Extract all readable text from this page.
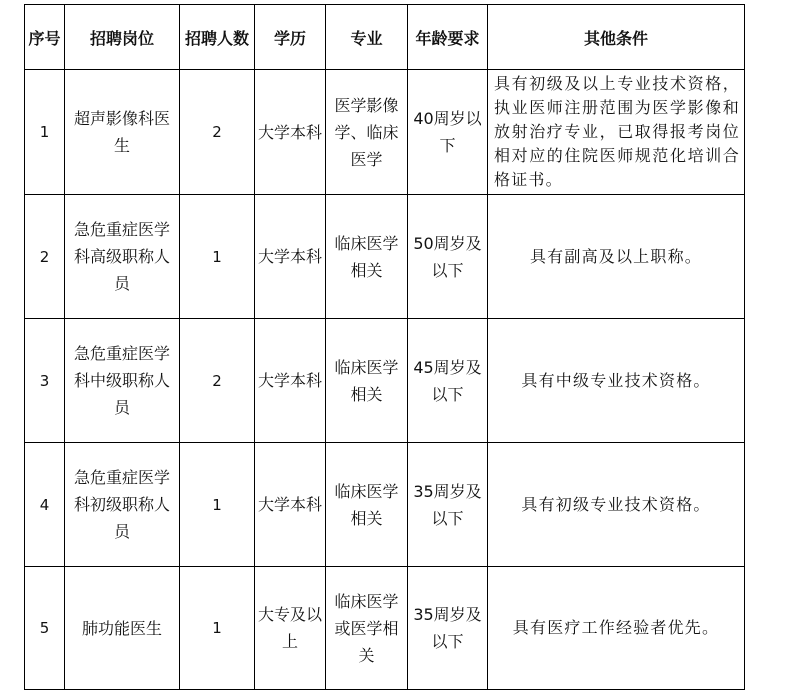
序号	招聘岗位	招聘人数	学历	专业	年龄要求	其他条件
1	超声影像科医生	2	大学本科	医学影像学、临床医学	40周岁以下	具有初级及以上专业技术资格，执业医师注册范围为医学影像和放射治疗专业，已取得报考岗位相对应的住院医师规范化培训合格证书。
2	急危重症医学科高级职称人员	1	大学本科	临床医学相关	50周岁及以下	具有副高及以上职称。
3	急危重症医学科中级职称人员	2	大学本科	临床医学相关	45周岁及以下	具有中级专业技术资格。
4	急危重症医学科初级职称人员	1	大学本科	临床医学相关	35周岁及以下	具有初级专业技术资格。
5	肺功能医生	1	大专及以上	临床医学或医学相关	35周岁及以下	具有医疗工作经验者优先。
